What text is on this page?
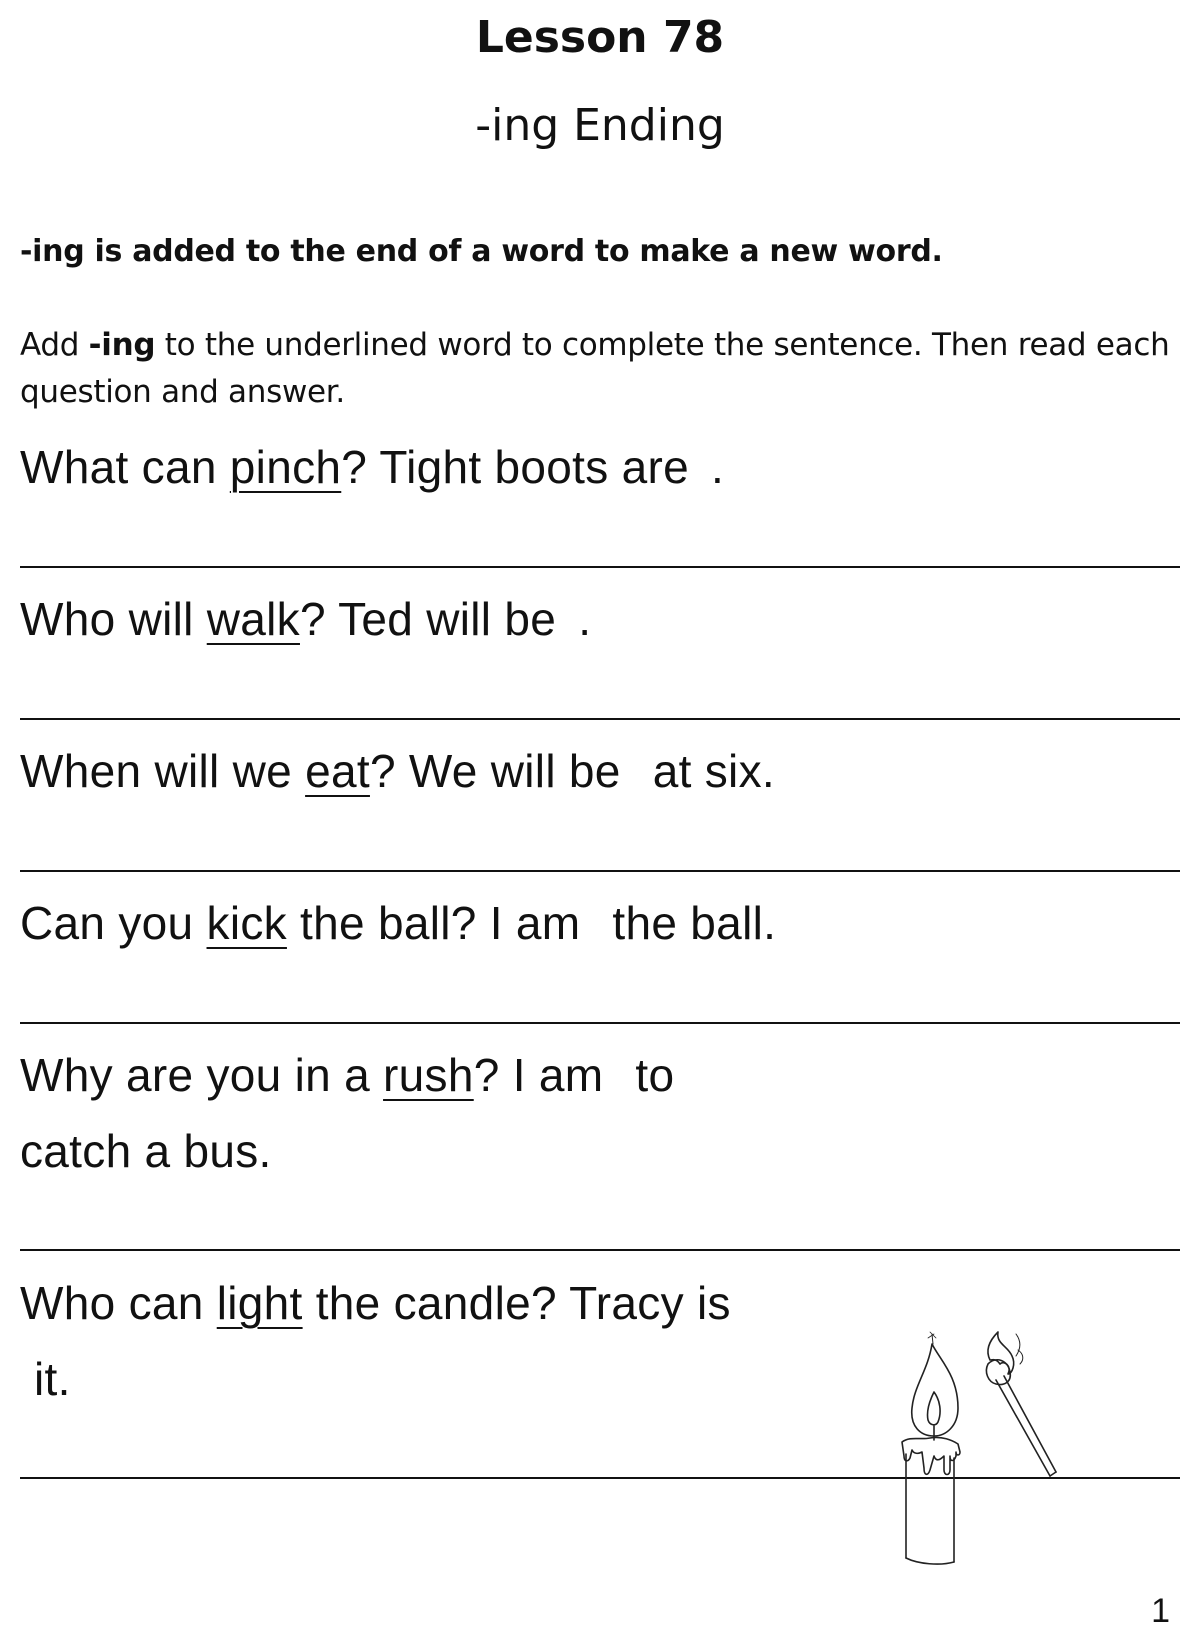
Lesson 78
-ing Ending
-ing is added to the end of a word to make a new word.
Add -ing to the underlined word to complete the sentence. Then read each question and answer.
What can pinch? Tight boots are .
Who will walk? Ted will be .
When will we eat? We will be at six.
Can you kick the ball? I am the ball.
Why are you in a rush? I am to
catch a bus.
Who can light the candle? Tracy is
it.
1
